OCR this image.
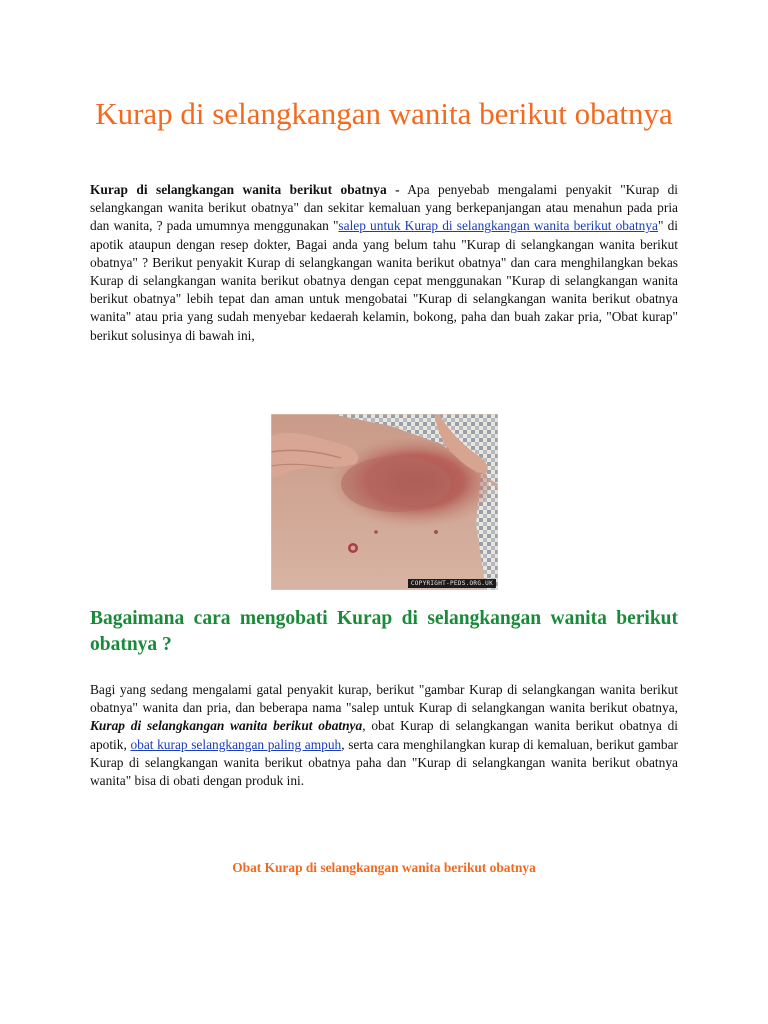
Kurap di selangkangan wanita berikut obatnya

Kurap di selangkangan wanita berikut obatnya - Apa penyebab mengalami penyakit "Kurap di selangkangan wanita berikut obatnya" dan sekitar kemaluan yang berkepanjangan atau menahun pada pria dan wanita, ? pada umumnya menggunakan "salep untuk Kurap di selangkangan wanita berikut obatnya" di apotik ataupun dengan resep dokter, Bagai anda yang belum tahu "Kurap di selangkangan wanita berikut obatnya" ? Berikut penyakit Kurap di selangkangan wanita berikut obatnya" dan cara menghilangkan bekas Kurap di selangkangan wanita berikut obatnya dengan cepat menggunakan "Kurap di selangkangan wanita berikut obatnya" lebih tepat dan aman untuk mengobatai "Kurap di selangkangan wanita berikut obatnya wanita" atau pria yang sudah menyebar kedaerah kelamin, bokong, paha dan buah zakar pria, "Obat kurap" berikut solusinya di bawah ini,

COPYRIGHT-PEDS.ORG.UK
Bagaimana cara mengobati Kurap di selangkangan wanita berikut obatnya ?

Bagi yang sedang mengalami gatal penyakit kurap, berikut "gambar Kurap di selangkangan wanita berikut obatnya" wanita dan pria, dan beberapa nama "salep untuk Kurap di selangkangan wanita berikut obatnya, Kurap di selangkangan wanita berikut obatnya, obat Kurap di selangkangan wanita berikut obatnya di apotik, obat kurap selangkangan paling ampuh, serta cara menghilangkan kurap di kemaluan, berikut gambar Kurap di selangkangan wanita berikut obatnya paha dan "Kurap di selangkangan wanita berikut obatnya wanita" bisa di obati dengan produk ini.

Obat Kurap di selangkangan wanita berikut obatnya
